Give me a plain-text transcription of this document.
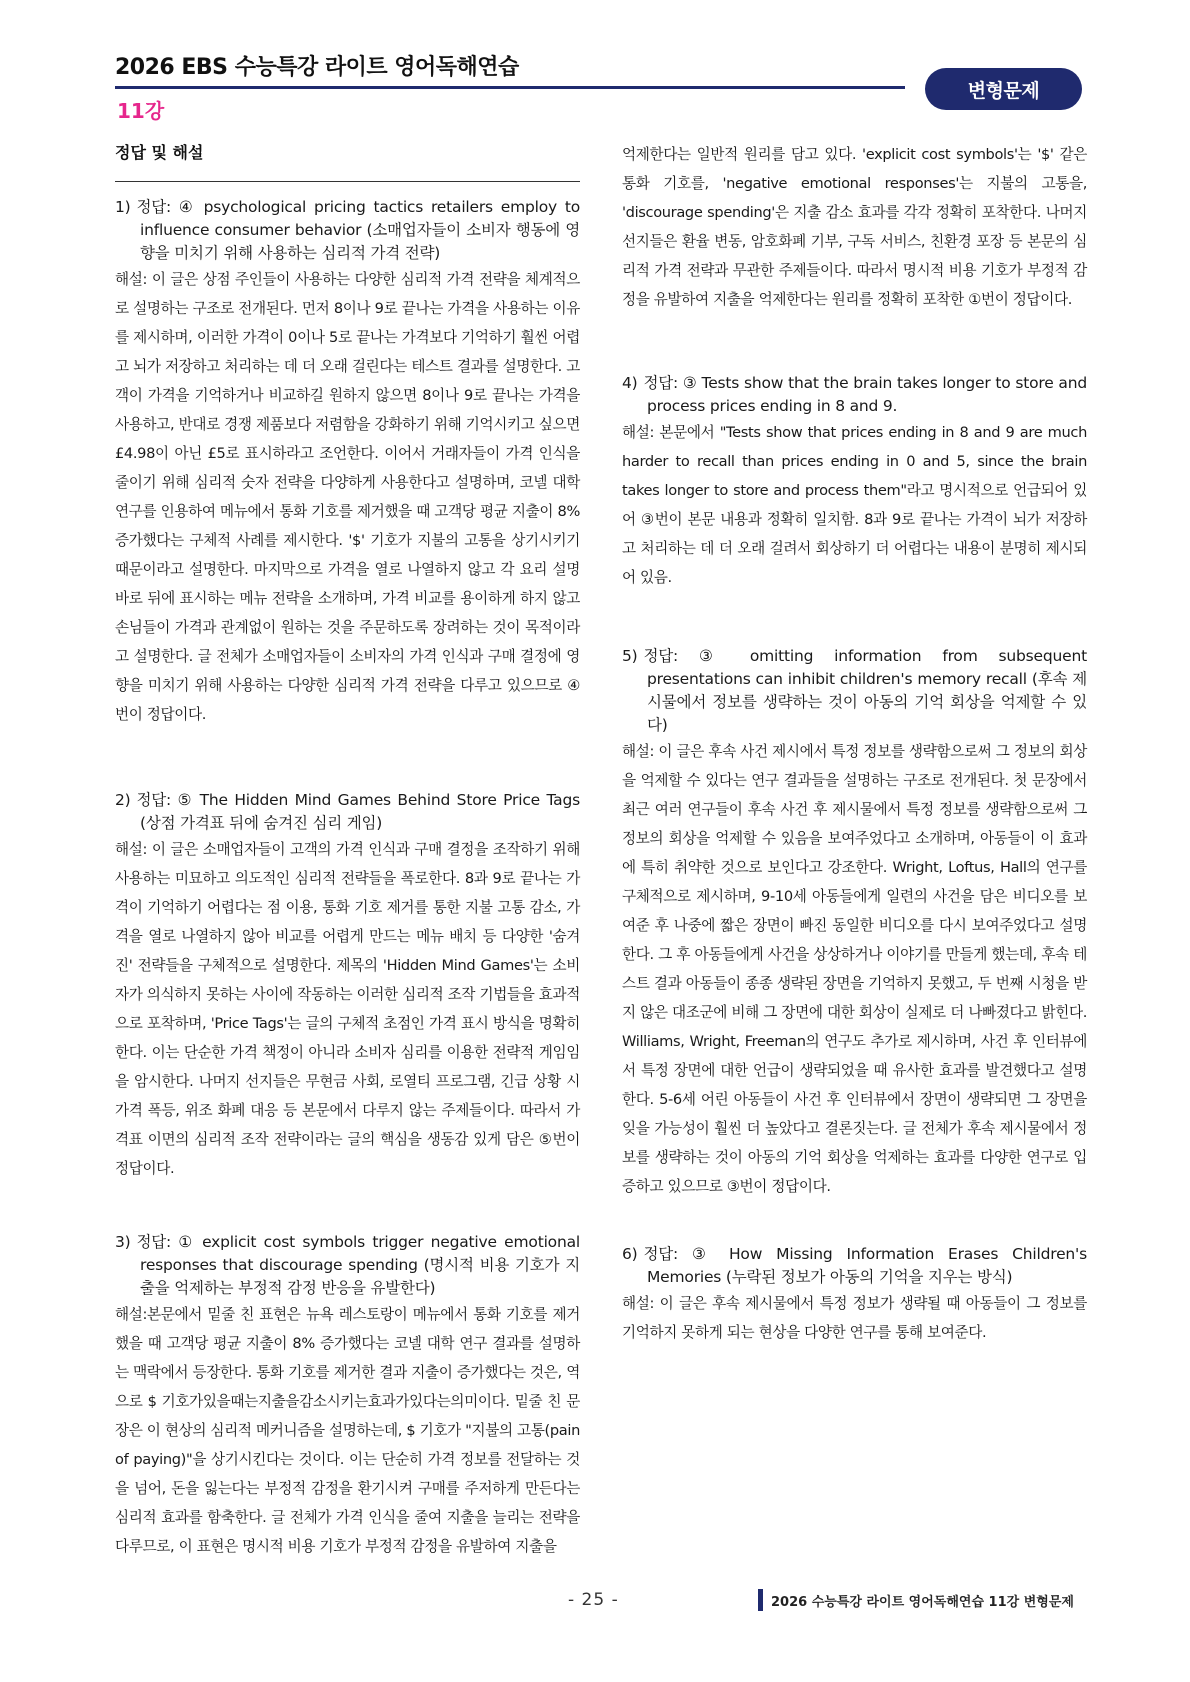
2026 EBS 수능특강 라이트 영어독해연습
11강
변형문제
정답 및 해설

1) 정답: ④ psychological pricing tactics retailers employ to influence consumer behavior (소매업자들이 소비자 행동에 영향을 미치기 위해 사용하는 심리적 가격 전략)

해설: 이 글은 상점 주인들이 사용하는 다양한 심리적 가격 전략을 체계적으로 설명하는 구조로 전개된다. 먼저 8이나 9로 끝나는 가격을 사용하는 이유를 제시하며, 이러한 가격이 0이나 5로 끝나는 가격보다 기억하기 훨씬 어렵고 뇌가 저장하고 처리하는 데 더 오래 걸린다는 테스트 결과를 설명한다. 고객이 가격을 기억하거나 비교하길 원하지 않으면 8이나 9로 끝나는 가격을 사용하고, 반대로 경쟁 제품보다 저렴함을 강화하기 위해 기억시키고 싶으면 £4.98이 아닌 £5로 표시하라고 조언한다. 이어서 거래자들이 가격 인식을 줄이기 위해 심리적 숫자 전략을 다양하게 사용한다고 설명하며, 코넬 대학 연구를 인용하여 메뉴에서 통화 기호를 제거했을 때 고객당 평균 지출이 8% 증가했다는 구체적 사례를 제시한다. '$' 기호가 지불의 고통을 상기시키기 때문이라고 설명한다. 마지막으로 가격을 열로 나열하지 않고 각 요리 설명 바로 뒤에 표시하는 메뉴 전략을 소개하며, 가격 비교를 용이하게 하지 않고 손님들이 가격과 관계없이 원하는 것을 주문하도록 장려하는 것이 목적이라고 설명한다. 글 전체가 소매업자들이 소비자의 가격 인식과 구매 결정에 영향을 미치기 위해 사용하는 다양한 심리적 가격 전략을 다루고 있으므로 ④번이 정답이다.

2) 정답: ⑤ The Hidden Mind Games Behind Store Price Tags (상점 가격표 뒤에 숨겨진 심리 게임)

해설: 이 글은 소매업자들이 고객의 가격 인식과 구매 결정을 조작하기 위해 사용하는 미묘하고 의도적인 심리적 전략들을 폭로한다. 8과 9로 끝나는 가격이 기억하기 어렵다는 점 이용, 통화 기호 제거를 통한 지불 고통 감소, 가격을 열로 나열하지 않아 비교를 어렵게 만드는 메뉴 배치 등 다양한 '숨겨진' 전략들을 구체적으로 설명한다. 제목의 'Hidden Mind Games'는 소비자가 의식하지 못하는 사이에 작동하는 이러한 심리적 조작 기법들을 효과적으로 포착하며, 'Price Tags'는 글의 구체적 초점인 가격 표시 방식을 명확히 한다. 이는 단순한 가격 책정이 아니라 소비자 심리를 이용한 전략적 게임임을 암시한다. 나머지 선지들은 무현금 사회, 로열티 프로그램, 긴급 상황 시 가격 폭등, 위조 화폐 대응 등 본문에서 다루지 않는 주제들이다. 따라서 가격표 이면의 심리적 조작 전략이라는 글의 핵심을 생동감 있게 담은 ⑤번이 정답이다.

3) 정답: ① explicit cost symbols trigger negative emotional responses that discourage spending (명시적 비용 기호가 지출을 억제하는 부정적 감정 반응을 유발한다)

해설:본문에서 밑줄 친 표현은 뉴욕 레스토랑이 메뉴에서 통화 기호를 제거했을 때 고객당 평균 지출이 8% 증가했다는 코넬 대학 연구 결과를 설명하는 맥락에서 등장한다. 통화 기호를 제거한 결과 지출이 증가했다는 것은, 역으로 $ 기호가있을때는지출을감소시키는효과가있다는의미이다. 밑줄 친 문장은 이 현상의 심리적 메커니즘을 설명하는데, $ 기호가 "지불의 고통(pain of paying)"을 상기시킨다는 것이다. 이는 단순히 가격 정보를 전달하는 것을 넘어, 돈을 잃는다는 부정적 감정을 환기시켜 구매를 주저하게 만든다는 심리적 효과를 함축한다. 글 전체가 가격 인식을 줄여 지출을 늘리는 전략을 다루므로, 이 표현은 명시적 비용 기호가 부정적 감정을 유발하여 지출을

억제한다는 일반적 원리를 담고 있다. 'explicit cost symbols'는 '$' 같은 통화 기호를, 'negative emotional responses'는 지불의 고통을, 'discourage spending'은 지출 감소 효과를 각각 정확히 포착한다. 나머지 선지들은 환율 변동, 암호화폐 기부, 구독 서비스, 친환경 포장 등 본문의 심리적 가격 전략과 무관한 주제들이다. 따라서 명시적 비용 기호가 부정적 감정을 유발하여 지출을 억제한다는 원리를 정확히 포착한 ①번이 정답이다.

4) 정답: ③ Tests show that the brain takes longer to store and process prices ending in 8 and 9.

해설: 본문에서 "Tests show that prices ending in 8 and 9 are much harder to recall than prices ending in 0 and 5, since the brain takes longer to store and process them"라고 명시적으로 언급되어 있어 ③번이 본문 내용과 정확히 일치함. 8과 9로 끝나는 가격이 뇌가 저장하고 처리하는 데 더 오래 걸려서 회상하기 더 어렵다는 내용이 분명히 제시되어 있음.

5) 정답: ③ omitting information from subsequent presentations can inhibit children's memory recall (후속 제시물에서 정보를 생략하는 것이 아동의 기억 회상을 억제할 수 있다)

해설: 이 글은 후속 사건 제시에서 특정 정보를 생략함으로써 그 정보의 회상을 억제할 수 있다는 연구 결과들을 설명하는 구조로 전개된다. 첫 문장에서 최근 여러 연구들이 후속 사건 후 제시물에서 특정 정보를 생략함으로써 그 정보의 회상을 억제할 수 있음을 보여주었다고 소개하며, 아동들이 이 효과에 특히 취약한 것으로 보인다고 강조한다. Wright, Loftus, Hall의 연구를 구체적으로 제시하며, 9-10세 아동들에게 일련의 사건을 담은 비디오를 보여준 후 나중에 짧은 장면이 빠진 동일한 비디오를 다시 보여주었다고 설명한다. 그 후 아동들에게 사건을 상상하거나 이야기를 만들게 했는데, 후속 테스트 결과 아동들이 종종 생략된 장면을 기억하지 못했고, 두 번째 시청을 받지 않은 대조군에 비해 그 장면에 대한 회상이 실제로 더 나빠졌다고 밝힌다. Williams, Wright, Freeman의 연구도 추가로 제시하며, 사건 후 인터뷰에서 특정 장면에 대한 언급이 생략되었을 때 유사한 효과를 발견했다고 설명한다. 5-6세 어린 아동들이 사건 후 인터뷰에서 장면이 생략되면 그 장면을 잊을 가능성이 훨씬 더 높았다고 결론짓는다. 글 전체가 후속 제시물에서 정보를 생략하는 것이 아동의 기억 회상을 억제하는 효과를 다양한 연구로 입증하고 있으므로 ③번이 정답이다.

6) 정답: ③ How Missing Information Erases Children's Memories (누락된 정보가 아동의 기억을 지우는 방식)

해설: 이 글은 후속 제시물에서 특정 정보가 생략될 때 아동들이 그 정보를 기억하지 못하게 되는 현상을 다양한 연구를 통해 보여준다.

- 25 -	2026 수능특강 라이트 영어독해연습 11강 변형문제
